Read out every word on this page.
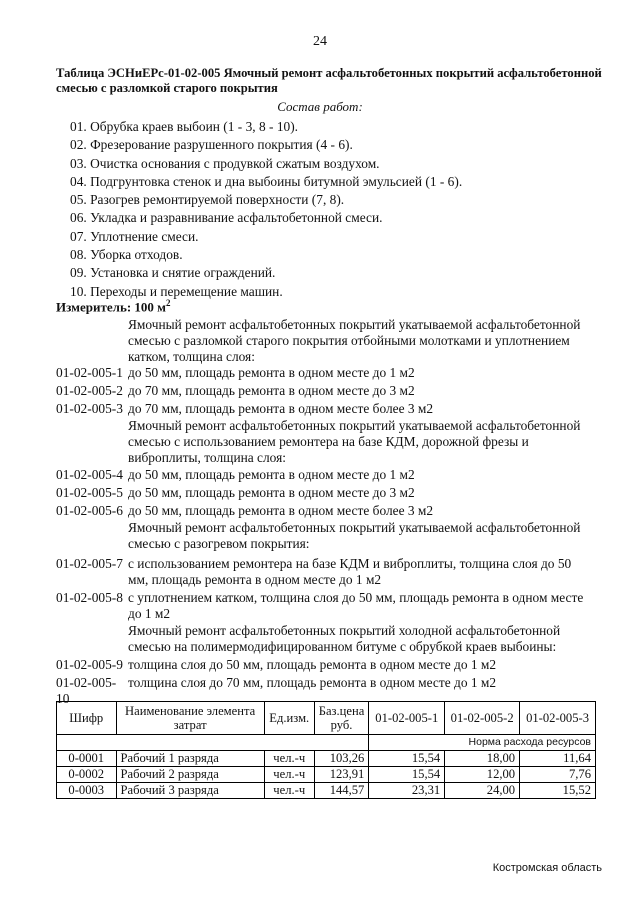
24
Таблица ЭСНиЕРс-01-02-005 Ямочный ремонт асфальтобетонных покрытий асфальтобетонной смесью с разломкой старого покрытия
Состав работ:
01. Обрубка краев выбоин (1 - 3, 8 - 10).
02. Фрезерование разрушенного покрытия (4 - 6).
03. Очистка основания с продувкой сжатым воздухом.
04. Подгрунтовка стенок и дна выбоины битумной эмульсией (1 - 6).
05. Разогрев ремонтируемой поверхности (7, 8).
06. Укладка и разравнивание асфальтобетонной смеси.
07. Уплотнение смеси.
08. Уборка отходов.
09. Установка и снятие ограждений.
10. Переходы и перемещение машин.
Измеритель: 100 $м^2$
Ямочный ремонт асфальтобетонных покрытий укатываемой асфальтобетонной смесью с разломкой старого покрытия отбойными молотками и уплотнением катком, толщина слоя:
01-02-005-1 до 50 мм, площадь ремонта в одном месте до 1 м2
01-02-005-2 до 70 мм, площадь ремонта в одном месте до 3 м2
01-02-005-3 до 70 мм, площадь ремонта в одном месте более 3 м2
Ямочный ремонт асфальтобетонных покрытий укатываемой асфальтобетонной смесью с использованием ремонтера на базе КДМ, дорожной фрезы и виброплиты, толщина слоя:
01-02-005-4 до 50 мм, площадь ремонта в одном месте до 1 м2
01-02-005-5 до 50 мм, площадь ремонта в одном месте до 3 м2
01-02-005-6 до 50 мм, площадь ремонта в одном месте более 3 м2
Ямочный ремонт асфальтобетонных покрытий укатываемой асфальтобетонной смесью с разогревом покрытия:
01-02-005-7 с использованием ремонтера на базе КДМ и виброплиты, толщина слоя до 50 мм, площадь ремонта в одном месте до 1 м2
01-02-005-8 с уплотнением катком, толщина слоя до 50 мм, площадь ремонта в одном месте до 1 м2
Ямочный ремонт асфальтобетонных покрытий холодной асфальтобетонной смесью на полимермодифицированном битуме с обрубкой краев выбоины:
01-02-005-9 толщина слоя до 50 мм, площадь ремонта в одном месте до 1 м2
01-02-005-10толщина слоя до 70 мм, площадь ремонта в одном месте до 1 м2
Шифр	Наименование элемента затрат	Ед.изм.	Баз.цена руб.	01-02-005-1	01-02-005-2	01-02-005-3
				Норма расхода ресурсов		
0-0001	Рабочий 1 разряда	чел.-ч	103,26	15,54	18,00	11,64
0-0002	Рабочий 2 разряда	чел.-ч	123,91	15,54	12,00	7,76
0-0003	Рабочий 3 разряда	чел.-ч	144,57	23,31	24,00	15,52
Костромская область
